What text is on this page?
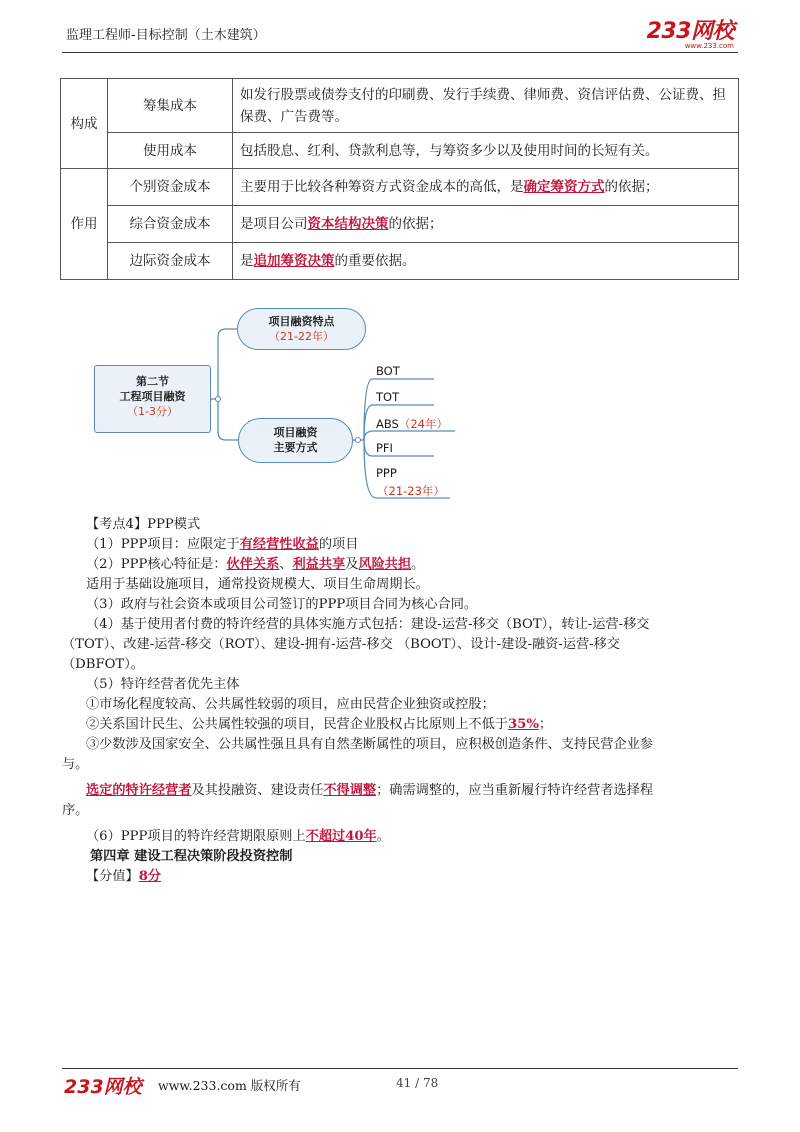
监理工程师-目标控制（土木建筑）	233网校
www.233.com
构成	筹集成本	如发行股票或债券支付的印刷费、发行手续费、律师费、资信评估费、公证费、担保费、广告费等。
	使用成本	包括股息、红利、贷款利息等，与筹资多少以及使用时间的长短有关。
作用	个别资金成本	主要用于比较各种筹资方式资金成本的高低，是确定筹资方式的依据；
	综合资金成本	是项目公司资本结构决策的依据；
	边际资金成本	是追加筹资决策的重要依据。
第二节
工程项目融资
（1-3分）
项目融资特点
（21-22年）
项目融资
主要方式
BOT
TOT
ABS（24年）
PFI
PPP
（21-23年）
【考点4】PPP模式
（1）PPP项目：应限定于有经营性收益的项目
（2）PPP核心特征是：伙伴关系、利益共享及风险共担。
适用于基础设施项目，通常投资规模大、项目生命周期长。
（3）政府与社会资本或项目公司签订的PPP项目合同为核心合同。
（4）基于使用者付费的特许经营的具体实施方式包括：建设-运营-移交（BOT），转让-运营-移交
（TOT）、改建-运营-移交（ROT）、建设-拥有-运营-移交 （BOOT）、设计-建设-融资-运营-移交
（DBFOT）。
（5）特许经营者优先主体
①市场化程度较高、公共属性较弱的项目，应由民营企业独资或控股；
②关系国计民生、公共属性较强的项目，民营企业股权占比原则上不低于35%；
③少数涉及国家安全、公共属性强且具有自然垄断属性的项目，应积极创造条件、支持民营企业参
与。
选定的特许经营者及其投融资、建设责任不得调整；确需调整的，应当重新履行特许经营者选择程
序。
（6）PPP项目的特许经营期限原则上不超过40年。
第四章 建设工程决策阶段投资控制
【分值】8分
233网校 www.233.com 版权所有	41 / 78
